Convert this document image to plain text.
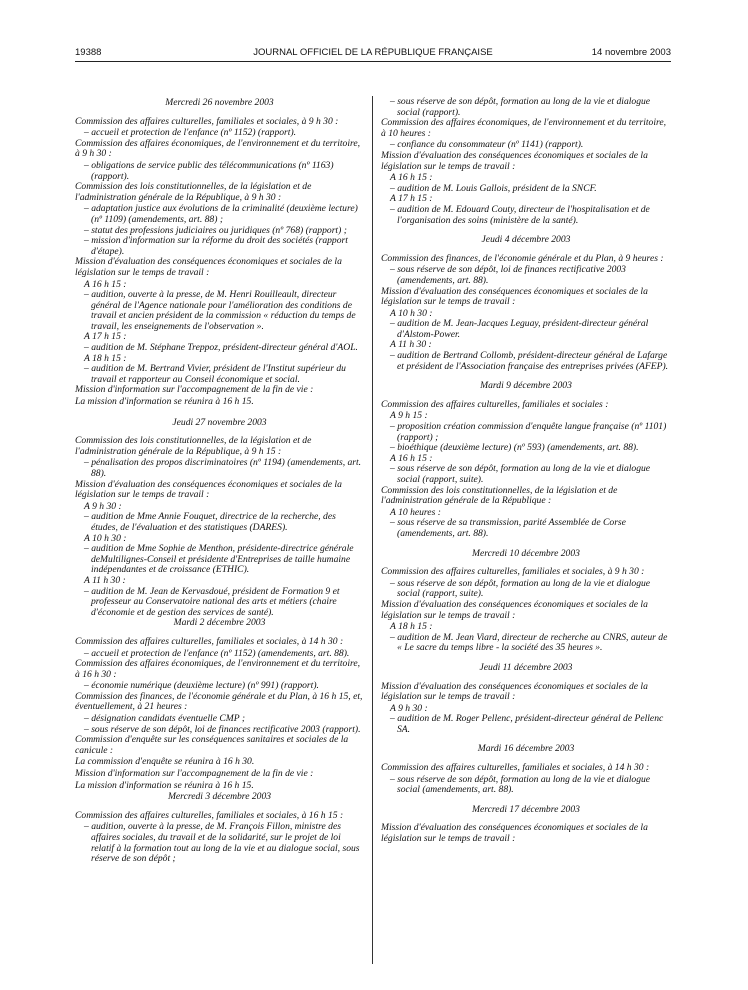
19388	JOURNAL OFFICIEL DE LA RÉPUBLIQUE FRANÇAISE	14 novembre 2003
Mercredi 26 novembre 2003
Commission des affaires culturelles, familiales et sociales, à 9 h 30 :
– accueil et protection de l'enfance (nº 1152) (rapport).
Commission des affaires économiques, de l'environnement et du territoire, à 9 h 30 :
– obligations de service public des télécommunications (nº 1163) (rapport).
Commission des lois constitutionnelles, de la législation et de l'administration générale de la République, à 9 h 30 :
– adaptation justice aux évolutions de la criminalité (deuxième lecture) (nº 1109) (amendements, art. 88) ;
– statut des professions judiciaires ou juridiques (nº 768) (rapport) ;
– mission d'information sur la réforme du droit des sociétés (rapport d'étape).
Mission d'évaluation des conséquences économiques et sociales de la législation sur le temps de travail :
A 16 h 15 :
– audition, ouverte à la presse, de M. Henri Rouilleault, directeur général de l'Agence nationale pour l'amélioration des conditions de travail et ancien président de la commission « réduction du temps de travail, les enseignements de l'observation ».
A 17 h 15 :
– audition de M. Stéphane Treppoz, président-directeur général d'AOL.
A 18 h 15 :
– audition de M. Bertrand Vivier, président de l'Institut supérieur du travail et rapporteur au Conseil économique et social.
Mission d'information sur l'accompagnement de la fin de vie :
La mission d'information se réunira à 16 h 15.
Jeudi 27 novembre 2003
Commission des lois constitutionnelles, de la législation et de l'administration générale de la République, à 9 h 15 :
– pénalisation des propos discriminatoires (nº 1194) (amendements, art. 88).
Mission d'évaluation des conséquences économiques et sociales de la législation sur le temps de travail :
A 9 h 30 :
– audition de Mme Annie Fouquet, directrice de la recherche, des études, de l'évaluation et des statistiques (DARES).
A 10 h 30 :
– audition de Mme Sophie de Menthon, présidente-directrice générale deMultilignes-Conseil et présidente d'Entreprises de taille humaine indépendantes et de croissance (ETHIC).
A 11 h 30 :
– audition de M. Jean de Kervasdoué, président de Formation 9 et professeur au Conservatoire national des arts et métiers (chaire d'économie et de gestion des services de santé).
Mardi 2 décembre 2003
Commission des affaires culturelles, familiales et sociales, à 14 h 30 :
– accueil et protection de l'enfance (nº 1152) (amendements, art. 88).
Commission des affaires économiques, de l'environnement et du territoire, à 16 h 30 :
– économie numérique (deuxième lecture) (nº 991) (rapport).
Commission des finances, de l'économie générale et du Plan, à 16 h 15, et, éventuellement, à 21 heures :
– désignation candidats éventuelle CMP ;
– sous réserve de son dépôt, loi de finances rectificative 2003 (rapport).
Commission d'enquête sur les conséquences sanitaires et sociales de la canicule :
La commission d'enquête se réunira à 16 h 30.
Mission d'information sur l'accompagnement de la fin de vie :
La mission d'information se réunira à 16 h 15.
Mercredi 3 décembre 2003
Commission des affaires culturelles, familiales et sociales, à 16 h 15 :
– audition, ouverte à la presse, de M. François Fillon, ministre des affaires sociales, du travail et de la solidarité, sur le projet de loi relatif à la formation tout au long de la vie et au dialogue social, sous réserve de son dépôt ;
– sous réserve de son dépôt, formation au long de la vie et dialogue social (rapport).
Commission des affaires économiques, de l'environnement et du territoire, à 10 heures :
– confiance du consommateur (nº 1141) (rapport).
Mission d'évaluation des conséquences économiques et sociales de la législation sur le temps de travail :
A 16 h 15 :
– audition de M. Louis Gallois, président de la SNCF.
A 17 h 15 :
– audition de M. Edouard Couty, directeur de l'hospitalisation et de l'organisation des soins (ministère de la santé).
Jeudi 4 décembre 2003
Commission des finances, de l'économie générale et du Plan, à 9 heures :
– sous réserve de son dépôt, loi de finances rectificative 2003 (amendements, art. 88).
Mission d'évaluation des conséquences économiques et sociales de la législation sur le temps de travail :
A 10 h 30 :
– audition de M. Jean-Jacques Leguay, président-directeur général d'Alstom-Power.
A 11 h 30 :
– audition de Bertrand Collomb, président-directeur général de Lafarge et président de l'Association française des entreprises privées (AFEP).
Mardi 9 décembre 2003
Commission des affaires culturelles, familiales et sociales :
A 9 h 15 :
– proposition création commission d'enquête langue française (nº 1101) (rapport) ;
– bioéthique (deuxième lecture) (nº 593) (amendements, art. 88).
A 16 h 15 :
– sous réserve de son dépôt, formation au long de la vie et dialogue social (rapport, suite).
Commission des lois constitutionnelles, de la législation et de l'administration générale de la République :
A 10 heures :
– sous réserve de sa transmission, parité Assemblée de Corse (amendements, art. 88).
Mercredi 10 décembre 2003
Commission des affaires culturelles, familiales et sociales, à 9 h 30 :
– sous réserve de son dépôt, formation au long de la vie et dialogue social (rapport, suite).
Mission d'évaluation des conséquences économiques et sociales de la législation sur le temps de travail :
A 18 h 15 :
– audition de M. Jean Viard, directeur de recherche au CNRS, auteur de « Le sacre du temps libre - la société des 35 heures ».
Jeudi 11 décembre 2003
Mission d'évaluation des conséquences économiques et sociales de la législation sur le temps de travail :
A 9 h 30 :
– audition de M. Roger Pellenc, président-directeur général de Pellenc SA.
Mardi 16 décembre 2003
Commission des affaires culturelles, familiales et sociales, à 14 h 30 :
– sous réserve de son dépôt, formation au long de la vie et dialogue social (amendements, art. 88).
Mercredi 17 décembre 2003
Mission d'évaluation des conséquences économiques et sociales de la législation sur le temps de travail :
